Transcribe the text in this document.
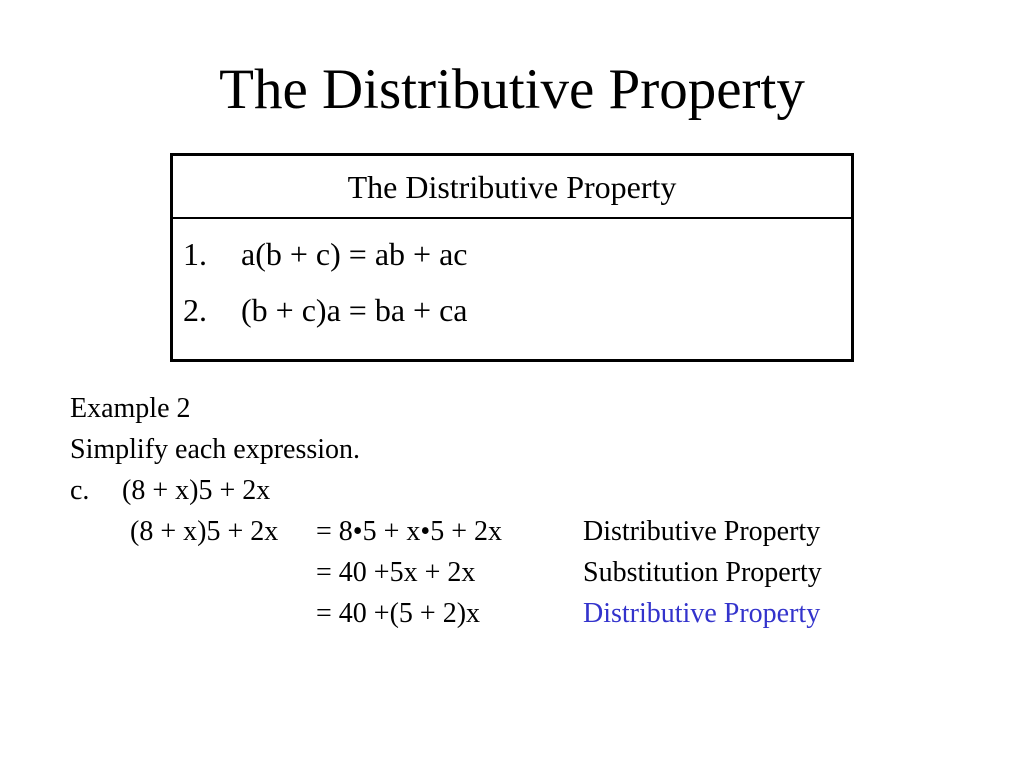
The Distributive Property
The Distributive Property
1. a(b + c) = ab + ac
2. (b + c)a = ba + ca
Example 2
Simplify each expression.
c. (8 + x)5 + 2x
(8 + x)5 + 2x = 8•5 + x•5 + 2x	Distributive Property
= 40 +5x + 2x	Substitution Property
= 40 +(5 + 2)x	Distributive Property
